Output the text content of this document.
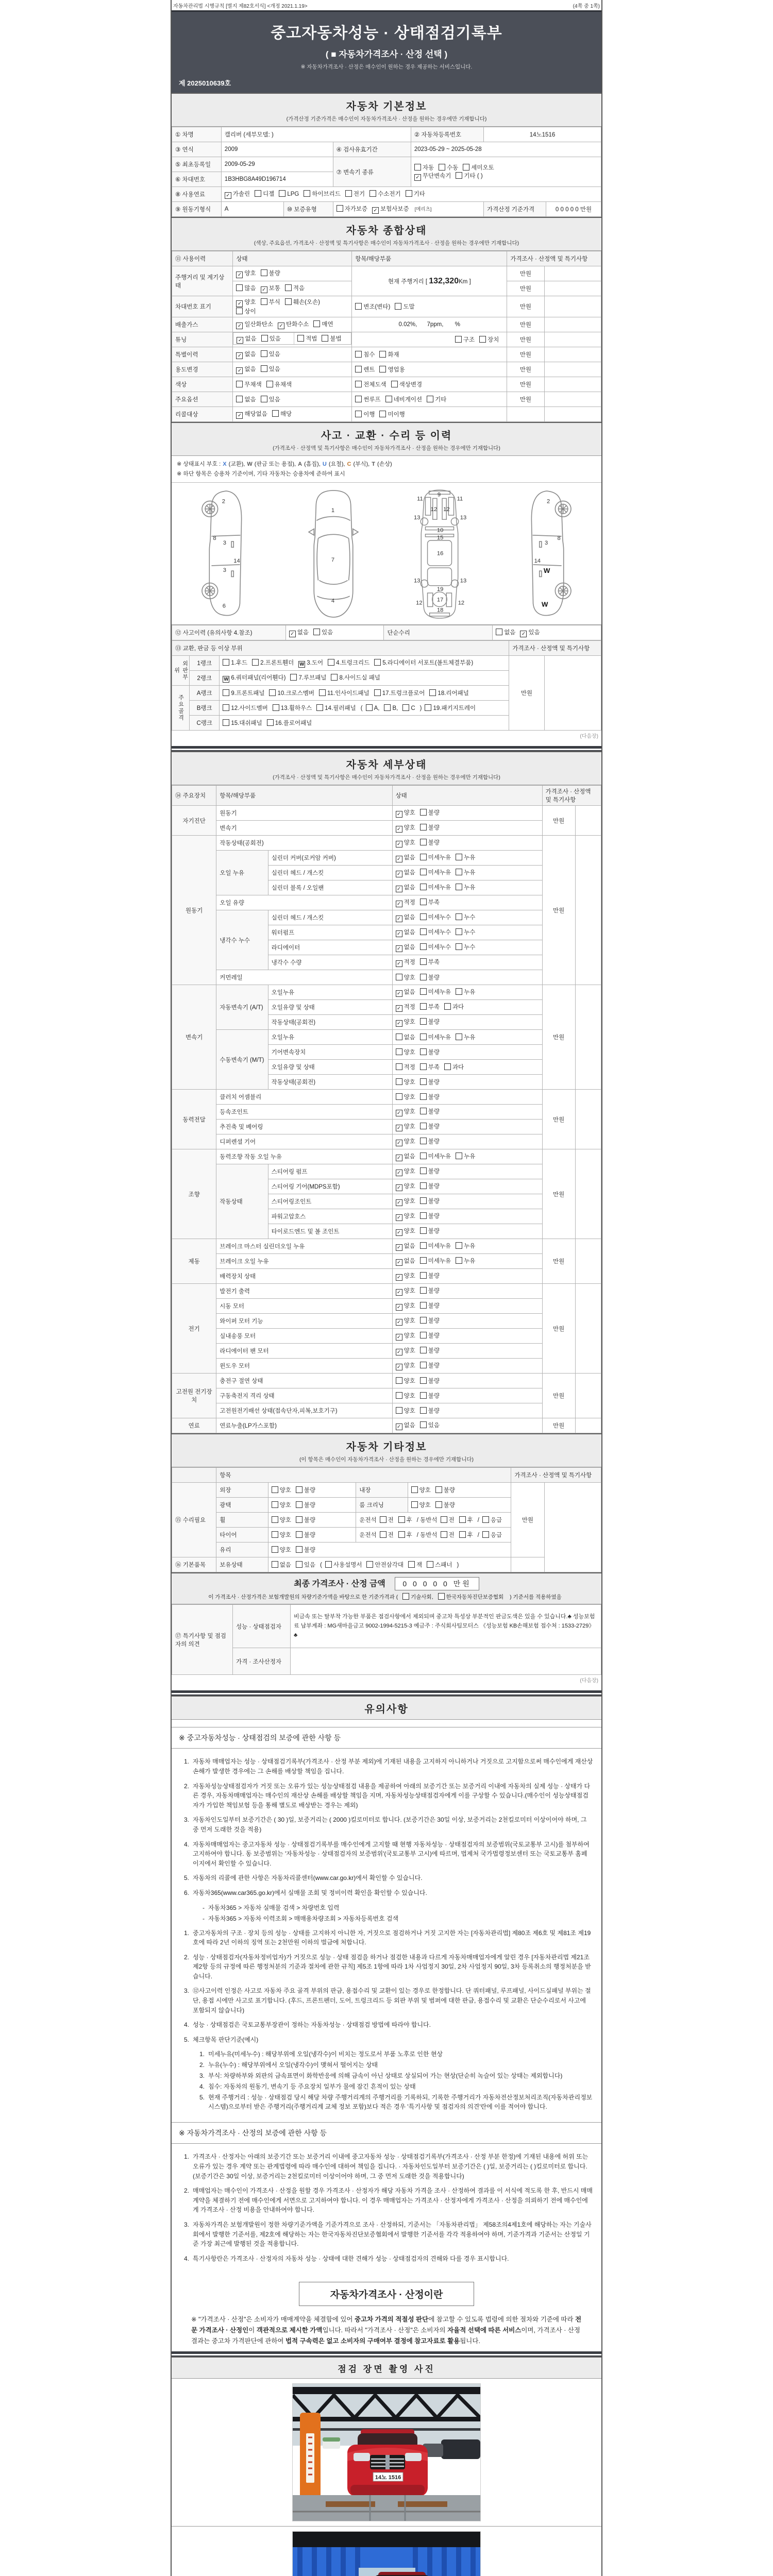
자동차관리법 시행규칙 [별지 제82호서식] <개정 2021.1.19>	(4쪽 중 1쪽)
중고자동차성능 · 상태점검기록부
( ■ 자동차가격조사 · 산정 선택 )
※ 자동차가격조사 · 산정은 매수인이 원하는 경우 제공하는 서비스입니다.
제 2025010639호
자동차 기본정보
(가격산정 기준가격은 매수인이 자동차가격조사 · 산정을 원하는 경우에만 기재합니다)
① 차명	캘리버 (세부모델: )			② 자동차등록번호	14노1516	
③ 연식	2009		④ 검사유효기간	2023-05-29 ~ 2025-05-28		
⑤ 최초등록일	2009-05-29		⑦ 변속기 종류	자동 수동 세미오토
✓ 무단변속기 기타 ( )		

⑥ 차대번호	1B3HBG8A49D196714					
⑧ 사용연료	✓ 가솔린 디젤 LPG 하이브리드 전기 수소전기 기타					
⑨ 원동기형식	A	⑩ 보증유형	자가보증 ✓ 보험사보증 [메리츠]		가격산정 기준가격	0 0 0 0 0 만원
자동차 종합상태
(색상, 주요옵션, 가격조사 · 산정액 및 특기사항은 매수인이 자동차가격조사 · 산정을 원하는 경우에만 기재합니다)
⑪ 사용이력	상태	항목/해당부품	가격조사 · 산정액 및 특기사항	
주행거리 및 계기상태	✓ 양호 불량	현재 주행거리 [ 132,320Km ]	만원	
	많음 ✓ 보통 적음		만원	
차대번호 표기	✓ 양호 부식 훼손(오손)상이	변조(변타) 도말	만원	
배출가스	✓ 일산화탄소 ✓ 탄화수소 매연	0.02%,      7ppm,       %	만원	
튜닝		✓ 없음 있음	적법 불법	구조 장치	만원	
특별이력	✓ 없음 있음	침수 화재	만원	
용도변경	✓ 없음 있음	렌트 영업용	만원	
색상	무채색 유채색	전체도색 색상변경	만원	
주요옵션	없음 있음	썬루프 네비게이션 기타	만원	
리콜대상	✓ 해당없음 해당	이행 미이행		
사고 · 교환 · 수리 등 이력
(가격조사 · 산정액 및 특기사항은 매수인이 자동차가격조사 · 산정을 원하는 경우에만 기재합니다)
※ 상태표시 부호 : X (교환), W (판금 또는 용접), A (흠집), U (요철), C (부식), T (손상)
※ 하단 항목은 승용차 기준이며, 기타 자동차는 승용차에 준하여 표시
2
8
3
3
14
6
1
7
4
9
11	11
13	13
12 12
10
15
16
13	13
19
17
12	12
18
2
3
8
14
W
W
⑫ 사고이력 (유의사항 4.참조)	✓ 없음 있음	단순수리	없음 ✓ 있음
⑬ 교환, 판금 등 이상 부위			가격조사 · 산정액 및 특기사항	
외판부위	1랭크	1.후드 2.프론트휀더 W 3.도어 4.트렁크리드 5.라디에이터 서포트(볼트체결부품)	만원	
	2랭크	W 6.쿼터패널(리어휀다) 7.루브패널 8.사이드실 패널		
주요골격	A랭크	9.프론트패널 10.크로스멤버 11.인사이드패널 17.트렁크플로어 18.리어패널		
	B랭크	12.사이드멤버 13.휠하우스 14.필러패널 ( A, B, C ) 19.패키지트레이		
	C랭크	15.대쉬패널 16.플로어패널		
(다음장)
자동차 세부상태
(가격조사 · 산정액 및 특기사항은 매수인이 자동차가격조사 · 산정을 원하는 경우에만 기재합니다)
⑭ 주요장치	항목/해당부품		상태	가격조사 · 산정액 및 특기사항	
자기진단	원동기		✓ 양호 불량	만원	
	변속기		✓ 양호 불량		
원동기	작동상태(공회전)		✓ 양호 불량	만원	
	오일 누유	실린더 커버(로커암 커버)	✓ 없음 미세누유 누유		
		실린더 헤드 / 개스킷	✓ 없음 미세누유 누유		
		실린더 블록 / 오일팬	✓ 없음 미세누유 누유		
	오일 유량		✓ 적정 부족		
	냉각수 누수	실린더 헤드 / 개스킷	✓ 없음 미세누수 누수		
		워터펌프	✓ 없음 미세누수 누수		
		라디에이터	✓ 없음 미세누수 누수		
		냉각수 수량	✓ 적정 부족		
	커먼레일		양호 불량		
변속기	자동변속기 (A/T)	오일누유	✓ 없음 미세누유 누유	만원	
		오일유량 및 상태	✓ 적정 부족 과다		
		작동상태(공회전)	✓ 양호 불량		
	수동변속기 (M/T)	오일누유	없음 미세누유 누유		
		기어변속장치	양호 불량		
		오일유량 및 상태	적정 부족 과다		
		작동상태(공회전)	양호 불량		
동력전달	클러치 어셈블리		양호 불량	만원	
	등속조인트		✓ 양호 불량		
	추진축 및 베어링		✓ 양호 불량		
	디퍼렌셜 기어		✓ 양호 불량		
조향	동력조향 작동 오일 누유		✓ 없음 미세누유 누유	만원	
	작동상태	스티어링 펌프	✓ 양호 불량		
		스티어링 기어(MDPS포함)	✓ 양호 불량		
		스티어링조인트	✓ 양호 불량		
		파워고압호스	✓ 양호 불량		
		타이로드엔드 및 볼 조인트	✓ 양호 불량		
제동	브레이크 마스터 실린더오일 누유		✓ 없음 미세누유 누유	만원	
	브레이크 오일 누유		✓ 없음 미세누유 누유		
	배력장치 상태		✓ 양호 불량		
전기	발전기 출력		✓ 양호 불량	만원	
	시동 모터		✓ 양호 불량		
	와이퍼 모터 기능		✓ 양호 불량		
	실내송풍 모터		✓ 양호 불량		
	라디에이터 팬 모터		✓ 양호 불량		
	윈도우 모터		✓ 양호 불량		
고전원 전기장치	충전구 절연 상태		양호 불량	만원	
	구동축전지 격리 상태		양호 불량		
	고전원전기배선 상태(접속단자,피복,보호기구)		양호 불량		
연료	연료누출(LP가스포함)		✓ 없음 있음	만원	
자동차 기타정보
(이 항목은 매수인이 자동차가격조사 · 산정을 원하는 경우에만 기재합니다)
	항목				가격조사 · 산정액 및 특기사항	
⑮ 수리필요	외장	양호 불량	내장	양호 불량	만원	
	광택	양호 불량	룸 크리닝	양호 불량		
	휠	양호 불량	운전석 전 후 / 동반석 전 후 / 응급			
	타이어	양호 불량	운전석 전 후 / 동반석 전 후 / 응급			
	유리	양호 불량				
⑯ 기본품목	보유상태	없음 있음 ( 사용설명서 안전삼각대 잭 스패너 )				
최종 가격조사 · 산정 금액 0 0 0 0 0 만원
이 가격조사 · 산정가격은 보험개발원의 차량기준가액을 바탕으로 한 기준가격과 ( 기술사회, 한국자동차진단보증협회 ) 기준서를 적용하였음
⑰ 특기사항 및 점검자의 의견	성능 · 상태점검자	비금속 또는 탈부착 가능한 부품은 점검사항에서 제외되며 중고차 특성상 부분적인 판금도색은 있을 수 있습니다.♣ 성능보험료 납부계좌 : MG새마을금고 9002-1994-5215-3 예금주 : 주식회사팀모터스 《성능보험 KB손해보험 접수처 : 1533-2729》 ♣
	가격 · 조사산정자	
(다음장)
유의사항
※ 중고자동차성능 · 상태점검의 보증에 관한 사항 등
1. 자동차 매매업자는 성능 · 상태점검기록부(가격조사 · 산정 부분 제외)에 기재된 내용을 고지하지 아니하거나 거짓으로 고지함으로써 매수인에게 재산상 손해가 발생한 경우에는 그 손해를 배상할 책임을 집니다.
2. 자동차성능상태점검자가 거짓 또는 오류가 있는 성능상태점검 내용을 제공하여 아래의 보증기간 또는 보증거리 이내에 자동차의 실제 성능 · 상태가 다른 경우, 자동차매매업자는 매수인의 재산상 손해를 배상할 책임을 지며, 자동차성능상태점검자에게 이를 구상할 수 있습니다.(매수인이 성능상태점검자가 가입한 책임보험 등을 통해 별도로 배상받는 경우는 제외)
3. 자동차인도일부터 보증기간은 ( 30 )일, 보증거리는 ( 2000 )킬로미터로 합니다. (보증기간은 30일 이상, 보증거리는 2천킬로미터 이상이어야 하며, 그 중 먼저 도래한 것을 적용)
4. 자동차매매업자는 중고자동차 성능 · 상태점검기록부를 매수인에게 고지할 때 현행 자동차성능 · 상태점검자의 보증범위(국토교통부 고시)를 첨부하여 고지하여야 합니다. 동 보증범위는 '자동차성능 · 상태점검자의 보증범위'(국토교통부 고시)에 따르며, 법제처 국가법령정보센터 또는 국토교통부 홈페이지에서 확인할 수 있습니다.
5. 자동차의 리콜에 관한 사항은 자동차리콜센터(www.car.go.kr)에서 확인할 수 있습니다.
6. 자동차365(www.car365.go.kr)에서 실매물 조회 및 정비이력 확인을 확인할 수 있습니다.
- 자동차365 > 자동차 실매물 검색 > 차량번호 입력
- 자동차365 > 자동차 이력조회 > 매매용차량조회 > 자동차등록번호 검색
1. 중고자동차의 구조 · 장치 등의 성능 · 상태를 고지하지 아니한 자, 거짓으로 점검하거나 거짓 고지한 자는 [자동차관리법] 제80조 제6호 및 제81조 제19호에 따라 2년 이하의 징역 또는 2천만원 이하의 벌금에 처합니다.
2. 성능 · 상태점검자(자동차정비업자)가 거짓으로 성능 · 상태 점검을 하거나 점검한 내용과 다르게 자동차매매업자에게 알린 경우 [자동차관리법 제21조 제2항 등의 규정에 따른 행정처분의 기준과 절차에 관한 규칙] 제5조 1항에 따라 1차 사업정지 30일, 2차 사업정지 90일, 3차 등록취소의 행정처분을 받습니다.
3. ⑫사고이력 인정은 사고로 자동차 주요 골격 부위의 판금, 용접수리 및 교환이 있는 경우로 한정합니다. 단 쿼터패널, 루프패널, 사이드실패널 부위는 절단, 용접 시에만 사고로 표기합니다. (후드, 프론트펜더, 도어, 트렁크리드 등 외판 부위 및 범퍼에 대한 판금, 용접수리 및 교환은 단순수리로서 사고에 포함되지 않습니다)
4. 성능 · 상태점검은 국토교통부장관이 정하는 자동차성능 · 상태점검 방법에 따라야 합니다.
5. 체크항목 판단기준(예시)
1. 미세누유(미세누수) : 해당부위에 오일(냉각수)이 비치는 정도로서 부품 노후로 인한 현상
2. 누유(누수) : 해당부위에서 오일(냉각수)이 맺혀서 떨어지는 상태
3. 부식: 차량하부와 외판의 금속표면이 화학반응에 의해 금속이 아닌 상태로 상실되어 가는 현상(단순히 녹슬어 있는 상태는 제외합니다)
4. 침수: 자동차의 원동기, 변속기 등 주요장치 일부가 물에 잠긴 흔적이 있는 상태
5. 현재 주행거리 : 성능 · 상태점검 당시 해당 차량 주행거리계의 주행거리를 기록하되, 기록한 주행거리가 자동차전산정보처리조직(자동차관리정보시스템)으로부터 받은 주행거리(주행거리계 교체 정보 포함)보다 적은 경우 '특기사항 및 점검자의 의견'란에 이를 적어야 합니다.
※ 자동차가격조사 · 산정의 보증에 관한 사항 등
1. 가격조사 · 산정자는 아래의 보증기간 또는 보증거리 이내에 중고자동차 성능 · 상태점검기록부(가격조사 · 산정 부분 한정)에 기재된 내용에 허위 또는 오류가 있는 경우 계약 또는 관계법령에 따라 매수인에 대하여 책임을 집니다. · 자동차인도일부터 보증기간은 ( )일, 보증거리는 ( )킬로미터로 합니다. (보증기간은 30일 이상, 보증거리는 2천킬로미터 이상이어야 하며, 그 중 먼저 도래한 것을 적용합니다)
2. 매매업자는 매수인이 가격조사 · 산정을 원할 경우 가격조사 · 산정자가 해당 자동차 가격을 조사 · 산정하여 결과를 이 서식에 적도록 한 후, 반드시 매매계약을 체결하기 전에 매수인에게 서면으로 고지하여야 합니다. 이 경우 매매업자는 가격조사 · 산정자에게 가격조사 · 산정을 의뢰하기 전에 매수인에게 가격조사 · 산정 비용을 안내하여야 합니다.
3. 자동차가격은 보험개발원이 정한 차량기준가액을 기준가격으로 조사 · 산정하되, 기준서는 「자동차관리법」 제58조의4제1호에 해당하는 자는 기술사회에서 발행한 기준서를, 제2호에 해당하는 자는 한국자동차진단보증협회에서 발행한 기준서를 각각 적용하여야 하며, 기준가격과 기준서는 산정일 기준 가장 최근에 발행된 것을 적용합니다.
4. 특기사항란은 가격조사 · 산정자의 자동차 성능 · 상태에 대한 견해가 성능 · 상태점검자의 견해와 다를 경우 표시합니다.
자동차가격조사 · 산정이란
※ "가격조사 · 산정"은 소비자가 매매계약을 체결함에 있어 중고차 가격의 적절성 판단에 참고할 수 있도록 법령에 의한 절차와 기준에 따라 전문 가격조사 · 산정인이 객관적으로 제시한 가액입니다. 따라서 "가격조사 · 산정"은 소비자의 자율적 선택에 따른 서비스이며, 가격조사 · 산정 결과는 중고차 가격판단에 관하여 법적 구속력은 없고 소비자의 구매여부 결정에 참고자료로 활용됩니다.
점검 장면 촬영 사진
14노 1516
